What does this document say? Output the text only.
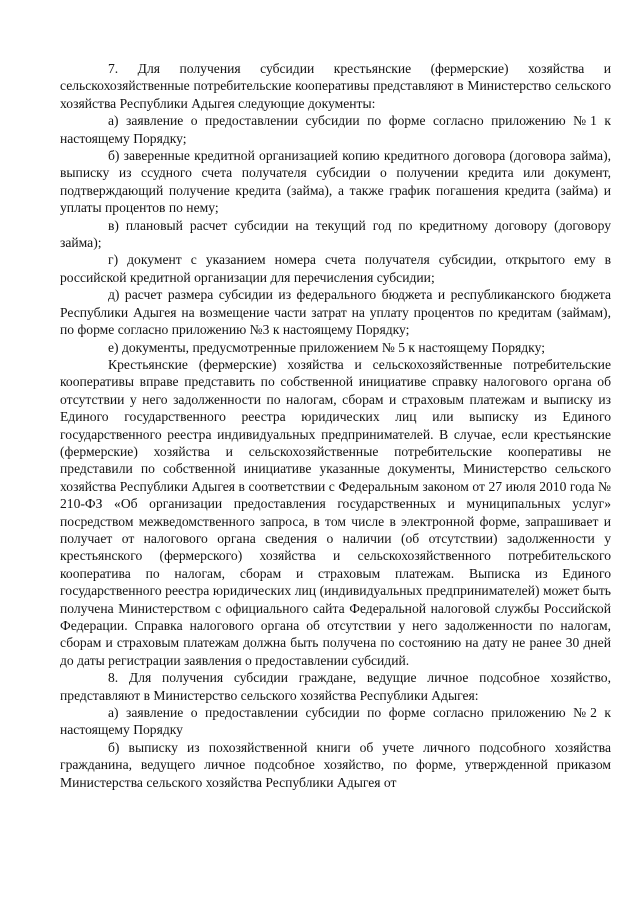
7. Для получения субсидии крестьянские (фермерские) хозяйства и сельскохозяйственные потребительские кооперативы представляют в Министерство сельского хозяйства Республики Адыгея следующие документы:

а) заявление о предоставлении субсидии по форме согласно приложению №1 к настоящему Порядку;

б) заверенные кредитной организацией копию кредитного договора (договора займа), выписку из ссудного счета получателя субсидии о получении кредита или документ, подтверждающий получение кредита (займа), а также график погашения кредита (займа) и уплаты процентов по нему;

в) плановый расчет субсидии на текущий год по кредитному договору (договору займа);

г) документ с указанием номера счета получателя субсидии, открытого ему в российской кредитной организации для перечисления субсидии;

д) расчет размера субсидии из федерального бюджета и республиканского бюджета Республики Адыгея на возмещение части затрат на уплату процентов по кредитам (займам), по форме согласно приложению №3 к настоящему Порядку;

е) документы, предусмотренные приложением № 5 к настоящему Порядку;

Крестьянские (фермерские) хозяйства и сельскохозяйственные потребительские кооперативы вправе представить по собственной инициативе справку налогового органа об отсутствии у него задолженности по налогам, сборам и страховым платежам и выписку из Единого государственного реестра юридических лиц или выписку из Единого государственного реестра индивидуальных предпринимателей. В случае, если крестьянские (фермерские) хозяйства и сельскохозяйственные потребительские кооперативы не представили по собственной инициативе указанные документы, Министерство сельского хозяйства Республики Адыгея в соответствии с Федеральным законом от 27 июля 2010 года № 210-ФЗ «Об организации предоставления государственных и муниципальных услуг» посредством межведомственного запроса, в том числе в электронной форме, запрашивает и получает от налогового органа сведения о наличии (об отсутствии) задолженности у крестьянского (фермерского) хозяйства и сельскохозяйственного потребительского кооператива по налогам, сборам и страховым платежам. Выписка из Единого государственного реестра юридических лиц (индивидуальных предпринимателей) может быть получена Министерством с официального сайта Федеральной налоговой службы Российской Федерации. Справка налогового органа об отсутствии у него задолженности по налогам, сборам и страховым платежам должна быть получена по состоянию на дату не ранее 30 дней до даты регистрации заявления о предоставлении субсидий.

8. Для получения субсидии граждане, ведущие личное подсобное хозяйство, представляют в Министерство сельского хозяйства Республики Адыгея:

а) заявление о предоставлении субсидии по форме согласно приложению №2 к настоящему Порядку

б) выписку из похозяйственной книги об учете личного подсобного хозяйства гражданина, ведущего личное подсобное хозяйство, по форме, утвержденной приказом Министерства сельского хозяйства Республики Адыгея от
